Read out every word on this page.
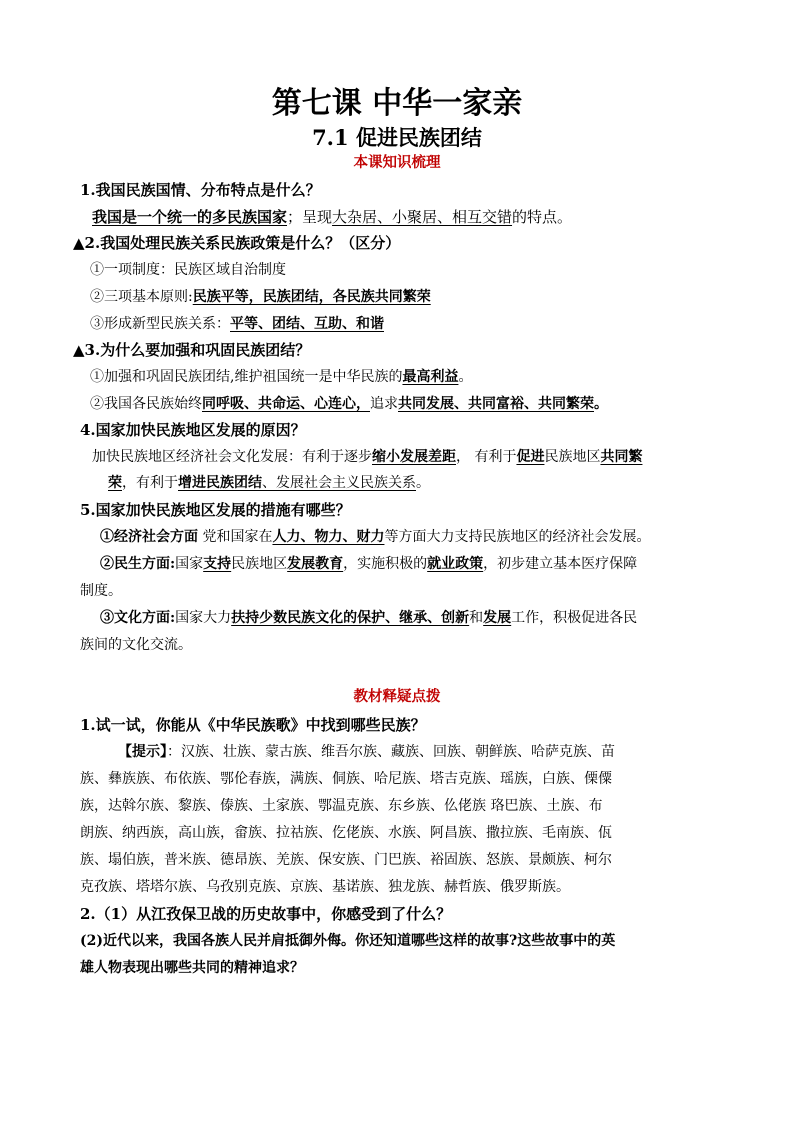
第七课 中华一家亲
7.1 促进民族团结
本课知识梳理
1.我国民族国情、分布特点是什么？
我国是一个统一的多民族国家；呈现大杂居、小聚居、相互交错的特点。
▲2.我国处理民族关系民族政策是什么？（区分）
①一项制度：民族区域自治制度
②三项基本原则:民族平等，民族团结，各民族共同繁荣
③形成新型民族关系：平等、团结、互助、和谐
▲3.为什么要加强和巩固民族团结？
①加强和巩固民族团结,维护祖国统一是中华民族的最高利益。
②我国各民族始终同呼吸、共命运、心连心，追求共同发展、共同富裕、共同繁荣。
4.国家加快民族地区发展的原因？
加快民族地区经济社会文化发展：有利于逐步缩小发展差距， 有利于促进民族地区共同繁
荣，有利于增进民族团结、发展社会主义民族关系。
5.国家加快民族地区发展的措施有哪些？
①经济社会方面 党和国家在人力、物力、财力等方面大力支持民族地区的经济社会发展。
②民生方面:国家支持民族地区发展教育，实施积极的就业政策，初步建立基本医疗保障
制度。
③文化方面:国家大力扶持少数民族文化的保护、继承、创新和发展工作，积极促进各民
族间的文化交流。
教材释疑点拨
1.试一试，你能从《中华民族歌》中找到哪些民族？
【提示】：汉族、壮族、蒙古族、维吾尔族、藏族、回族、朝鲜族、哈萨克族、苗
族、彝族族、布依族、鄂伦春族，满族、侗族、哈尼族、塔吉克族、瑶族，白族、傈僳
族，达斡尔族、黎族、傣族、土家族、鄂温克族、东乡族、仫佬族 珞巴族、土族、布
朗族、纳西族，高山族，畲族、拉祜族、仡佬族、水族、阿昌族、撒拉族、毛南族、佤
族、塌伯族，普米族、德昂族、羌族、保安族、门巴族、裕固族、怒族、景颇族、柯尔
克孜族、塔塔尔族、乌孜别克族、京族、基诺族、独龙族、赫哲族、俄罗斯族。
2.（1）从江孜保卫战的历史故事中，你感受到了什么？
(2)近代以来，我国各族人民并肩抵御外侮。你还知道哪些这样的故事?这些故事中的英
雄人物表现出哪些共同的精神追求？
